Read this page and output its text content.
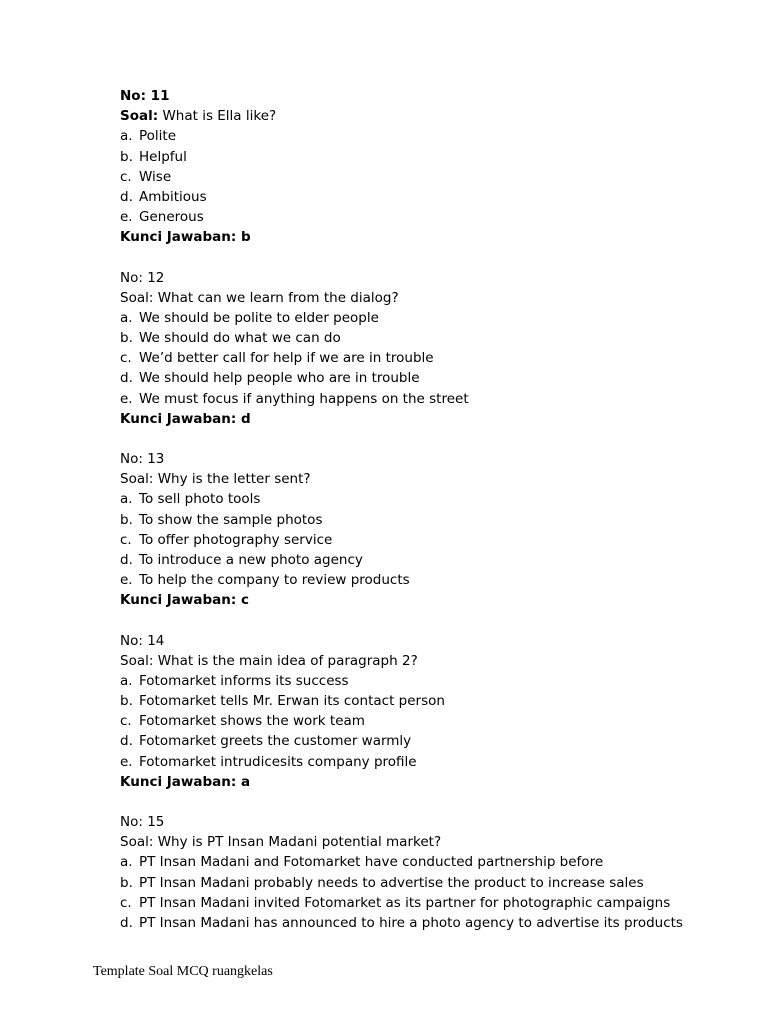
No: 11
Soal: What is Ella like?
a. Polite
b. Helpful
c. Wise
d. Ambitious
e. Generous
Kunci Jawaban: b
No: 12
Soal: What can we learn from the dialog?
a. We should be polite to elder people
b. We should do what we can do
c. We’d better call for help if we are in trouble
d. We should help people who are in trouble
e. We must focus if anything happens on the street
Kunci Jawaban: d
No: 13
Soal: Why is the letter sent?
a. To sell photo tools
b. To show the sample photos
c. To offer photography service
d. To introduce a new photo agency
e. To help the company to review products
Kunci Jawaban: c
No: 14
Soal: What is the main idea of paragraph 2?
a. Fotomarket informs its success
b. Fotomarket tells Mr. Erwan its contact person
c. Fotomarket shows the work team
d. Fotomarket greets the customer warmly
e. Fotomarket intrudicesits company profile
Kunci Jawaban: a
No: 15
Soal: Why is PT Insan Madani potential market?
a. PT Insan Madani and Fotomarket have conducted partnership before
b. PT Insan Madani probably needs to advertise the product to increase sales
c. PT Insan Madani invited Fotomarket as its partner for photographic campaigns
d. PT Insan Madani has announced to hire a photo agency to advertise its products
Template Soal MCQ ruangkelas
